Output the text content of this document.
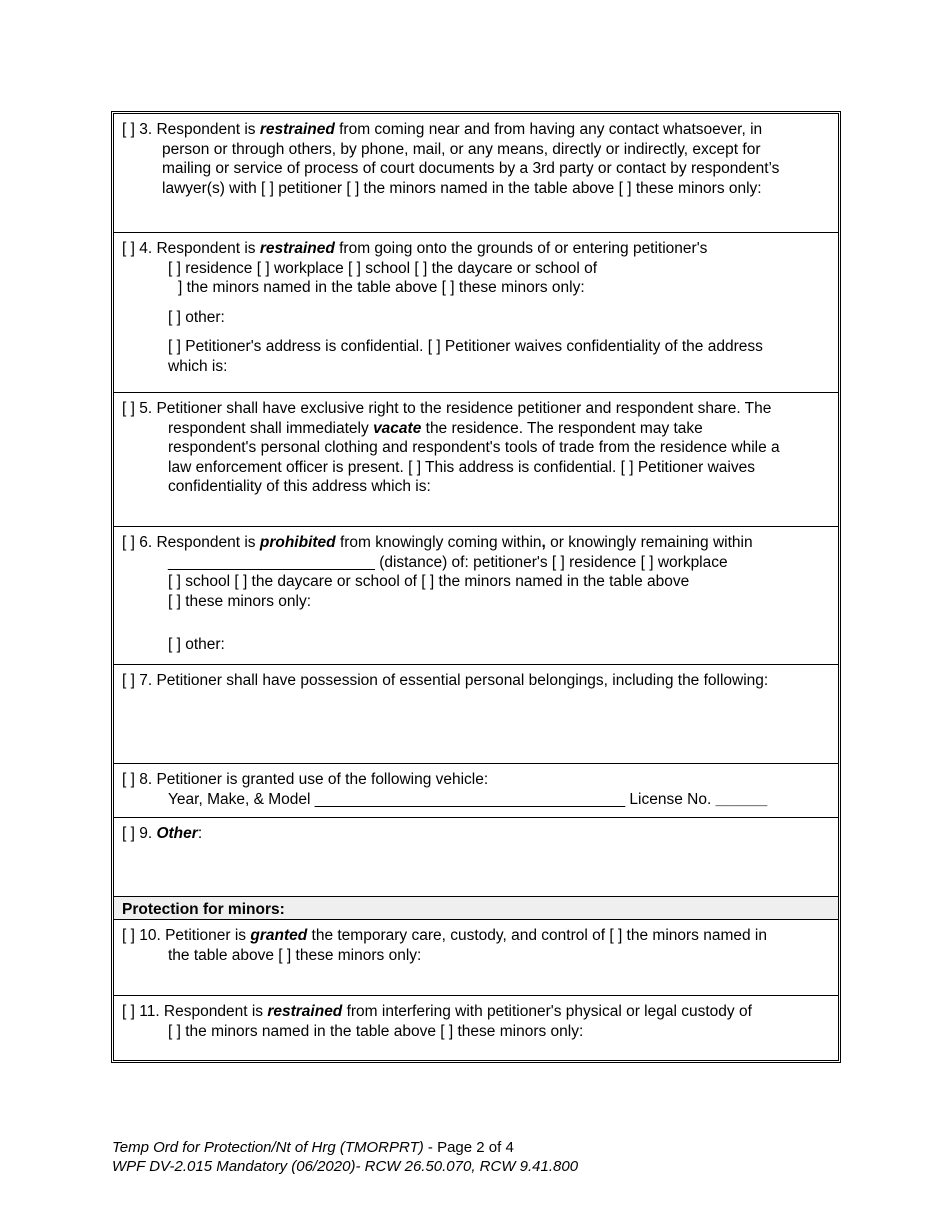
[ ] 3. Respondent is restrained from coming near and from having any contact whatsoever, in
person or through others, by phone, mail, or any means, directly or indirectly, except for
mailing or service of process of court documents by a 3rd party or contact by respondent’s
lawyer(s) with [ ] petitioner [ ] the minors named in the table above [ ] these minors only:
[ ] 4. Respondent is restrained from going onto the grounds of or entering petitioner's
[ ] residence [ ] workplace [ ] school [ ] the daycare or school of
] the minors named in the table above [ ] these minors only:
[ ] other:
[ ] Petitioner's address is confidential. [ ] Petitioner waives confidentiality of the address
which is:
[ ] 5. Petitioner shall have exclusive right to the residence petitioner and respondent share. The
respondent shall immediately vacate the residence. The respondent may take
respondent's personal clothing and respondent's tools of trade from the residence while a
law enforcement officer is present. [ ] This address is confidential. [ ] Petitioner waives
confidentiality of this address which is:
[ ] 6. Respondent is prohibited from knowingly coming within, or knowingly remaining within
________________________ (distance) of: petitioner's [ ] residence [ ] workplace
[ ] school [ ] the daycare or school of [ ] the minors named in the table above
[ ] these minors only:
[ ] other:
[ ] 7. Petitioner shall have possession of essential personal belongings, including the following:
[ ] 8. Petitioner is granted use of the following vehicle:
Year, Make, & Model ____________________________________ License No. ______
[ ] 9. Other:
Protection for minors:
[ ] 10. Petitioner is granted the temporary care, custody, and control of [ ] the minors named in
the table above [ ] these minors only:
[ ] 11. Respondent is restrained from interfering with petitioner's physical or legal custody of
[ ] the minors named in the table above [ ] these minors only:
Temp Ord for Protection/Nt of Hrg (TMORPRT) - Page 2 of 4
WPF DV-2.015 Mandatory (06/2020)- RCW 26.50.070, RCW 9.41.800
